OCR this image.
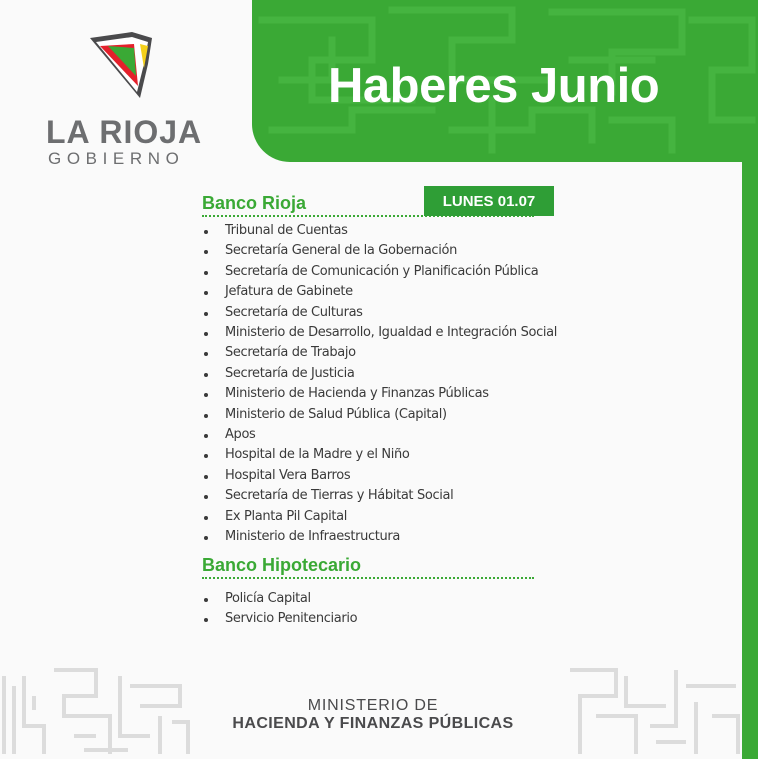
Haberes Junio
LA RIOJA
GOBIERNO
Banco Rioja	LUNES 01.07
Tribunal de Cuentas
Secretaría General de la Gobernación
Secretaría de Comunicación y Planificación Pública
Jefatura de Gabinete
Secretaría de Culturas
Ministerio de Desarrollo, Igualdad e Integración Social
Secretaría de Trabajo
Secretaría de Justicia
Ministerio de Hacienda y Finanzas Públicas
Ministerio de Salud Pública (Capital)
Apos
Hospital de la Madre y el Niño
Hospital Vera Barros
Secretaría de Tierras y Hábitat Social
Ex Planta Pil Capital
Ministerio de Infraestructura
Banco Hipotecario
Policía Capital
Servicio Penitenciario
MINISTERIO DE
HACIENDA Y FINANZAS PÚBLICAS
